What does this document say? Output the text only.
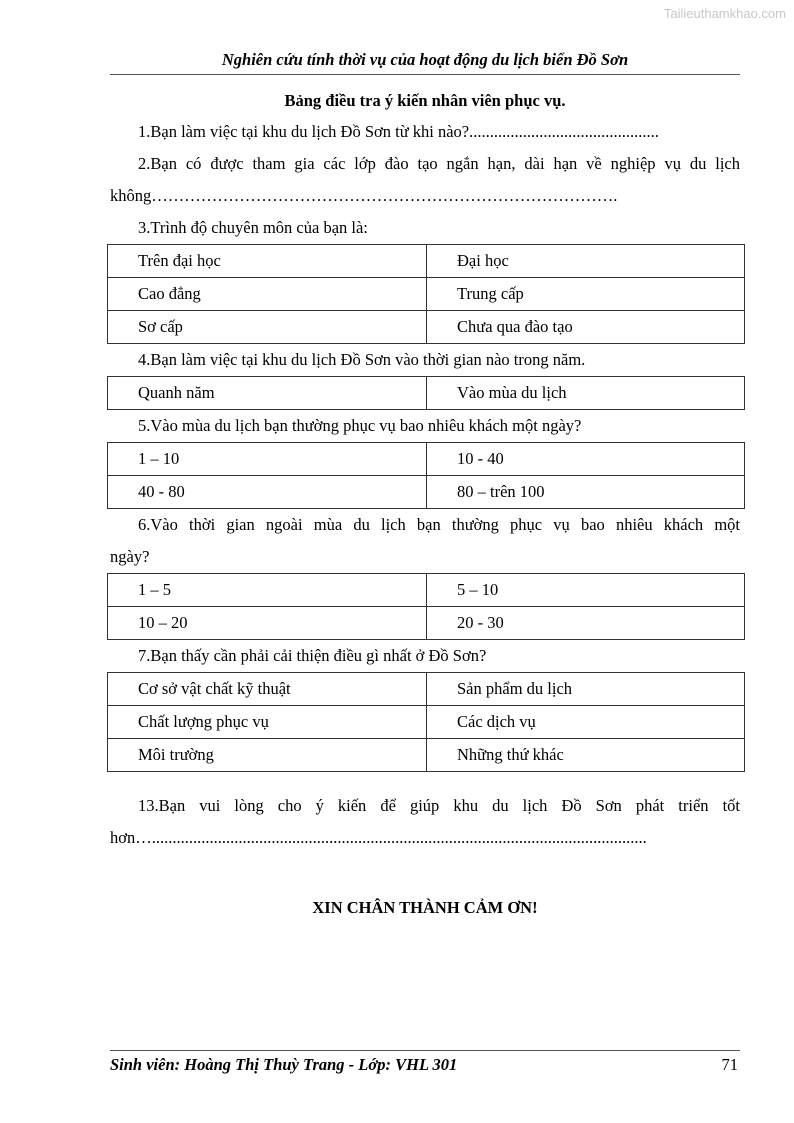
Tailieuthamkhao.com
Nghiên cứu tính thời vụ của hoạt động du lịch biển Đồ Sơn

Bảng điều tra ý kiến nhân viên phục vụ.

1.Bạn làm việc tại khu du lịch Đồ Sơn từ khi nào?..............................................

2.Bạn có được tham gia các lớp đào tạo ngắn hạn, dài hạn về nghiệp vụ du lịch

không………………………………………………………………………….

3.Trình độ chuyên môn của bạn là:

Trên đại học	Đại học
Cao đẳng	Trung cấp
Sơ cấp	Chưa qua đào tạo

4.Bạn làm việc tại khu du lịch Đồ Sơn vào thời gian nào trong năm.

Quanh năm	Vào mùa du lịch

5.Vào mùa du lịch bạn thường phục vụ bao nhiêu khách một ngày?

1 – 10	10 - 40
40 - 80	80 – trên 100

6.Vào thời gian ngoài mùa du lịch bạn thường phục vụ bao nhiêu khách một

ngày?

1 – 5	5 – 10
10 – 20	20 - 30

7.Bạn thấy cần phải cải thiện điều gì nhất ở Đồ Sơn?

Cơ sở vật chất kỹ thuật	Sản phẩm du lịch
Chất lượng phục vụ	Các dịch vụ
Môi trường	Những thứ khác

13.Bạn vui lòng cho ý kiến để giúp khu du lịch Đồ Sơn phát triển tốt

hơn…........................................................................................................................

XIN CHÂN THÀNH CẢM ƠN!
Sinh viên: Hoàng Thị Thuỳ Trang - Lớp: VHL 301	71
